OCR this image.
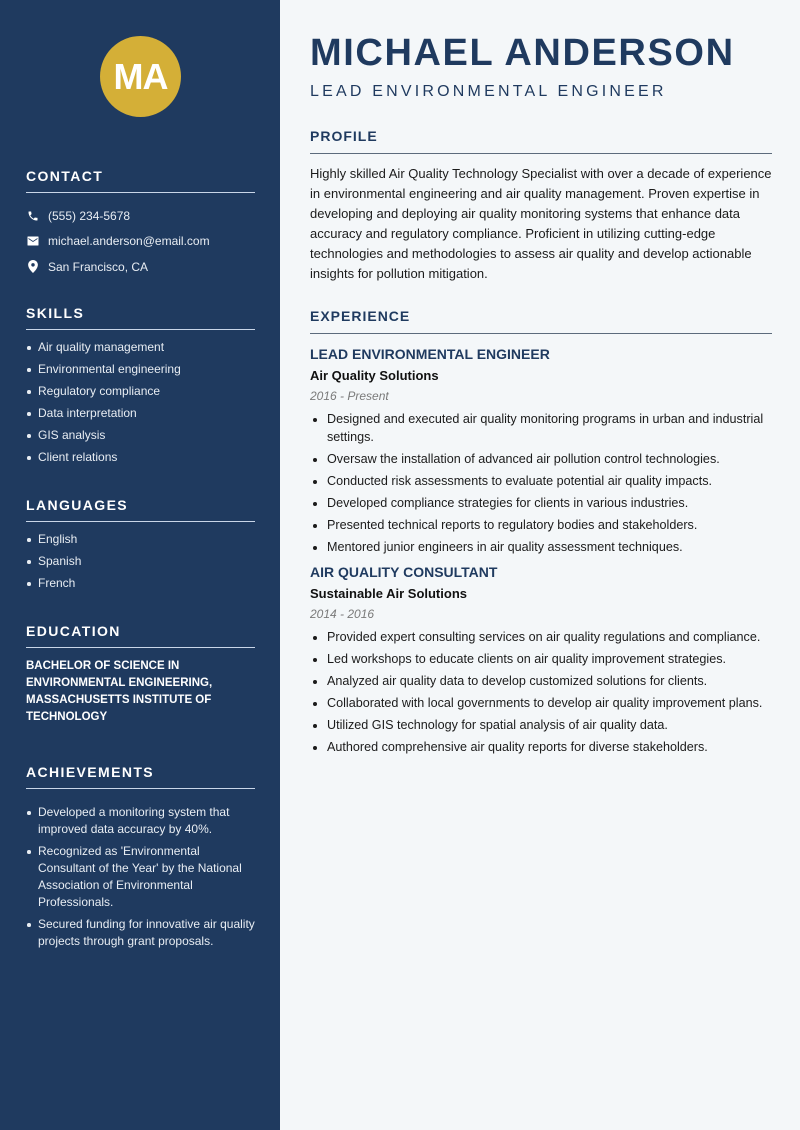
MA
CONTACT
(555) 234-5678
michael.anderson@email.com
San Francisco, CA
SKILLS
Air quality management
Environmental engineering
Regulatory compliance
Data interpretation
GIS analysis
Client relations
LANGUAGES
English
Spanish
French
EDUCATION
BACHELOR OF SCIENCE IN ENVIRONMENTAL ENGINEERING, MASSACHUSETTS INSTITUTE OF TECHNOLOGY
ACHIEVEMENTS
Developed a monitoring system that improved data accuracy by 40%.
Recognized as 'Environmental Consultant of the Year' by the National Association of Environmental Professionals.
Secured funding for innovative air quality projects through grant proposals.
MICHAEL ANDERSON
LEAD ENVIRONMENTAL ENGINEER
PROFILE

Highly skilled Air Quality Technology Specialist with over a decade of experience in environmental engineering and air quality management. Proven expertise in developing and deploying air quality monitoring systems that enhance data accuracy and regulatory compliance. Proficient in utilizing cutting-edge technologies and methodologies to assess air quality and develop actionable insights for pollution mitigation.

EXPERIENCE
LEAD ENVIRONMENTAL ENGINEER
Air Quality Solutions
2016 - Present
Designed and executed air quality monitoring programs in urban and industrial settings.
Oversaw the installation of advanced air pollution control technologies.
Conducted risk assessments to evaluate potential air quality impacts.
Developed compliance strategies for clients in various industries.
Presented technical reports to regulatory bodies and stakeholders.
Mentored junior engineers in air quality assessment techniques.
AIR QUALITY CONSULTANT
Sustainable Air Solutions
2014 - 2016
Provided expert consulting services on air quality regulations and compliance.
Led workshops to educate clients on air quality improvement strategies.
Analyzed air quality data to develop customized solutions for clients.
Collaborated with local governments to develop air quality improvement plans.
Utilized GIS technology for spatial analysis of air quality data.
Authored comprehensive air quality reports for diverse stakeholders.
